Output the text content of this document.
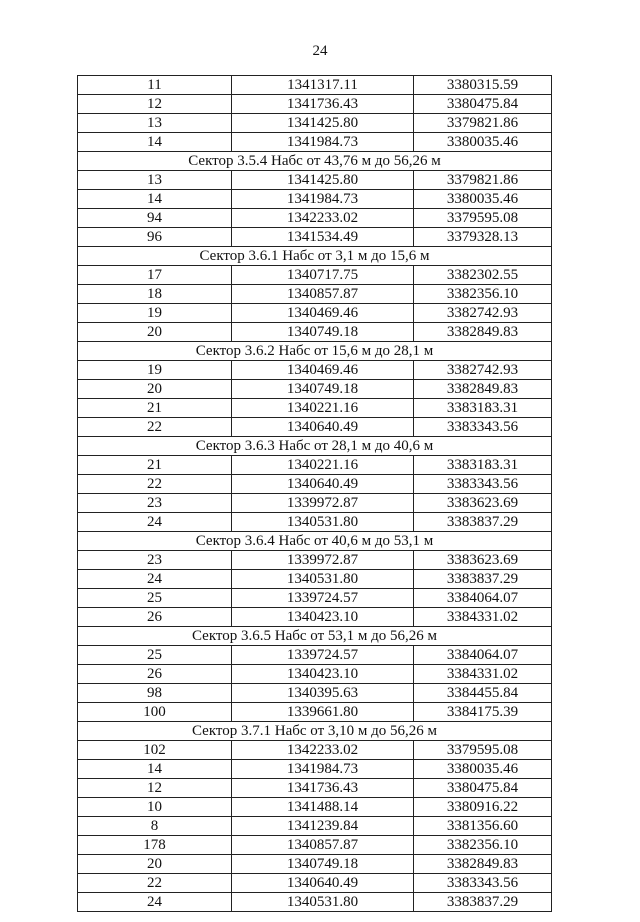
24
11	1341317.11	3380315.59
12	1341736.43	3380475.84
13	1341425.80	3379821.86
14	1341984.73	3380035.46
Сектор 3.5.4 Набс от 43,76 м до 56,26 м		
13	1341425.80	3379821.86
14	1341984.73	3380035.46
94	1342233.02	3379595.08
96	1341534.49	3379328.13
Сектор 3.6.1 Набс от 3,1 м до 15,6 м		
17	1340717.75	3382302.55
18	1340857.87	3382356.10
19	1340469.46	3382742.93
20	1340749.18	3382849.83
Сектор 3.6.2 Набс от 15,6 м до 28,1 м		
19	1340469.46	3382742.93
20	1340749.18	3382849.83
21	1340221.16	3383183.31
22	1340640.49	3383343.56
Сектор 3.6.3 Набс от 28,1 м до 40,6 м		
21	1340221.16	3383183.31
22	1340640.49	3383343.56
23	1339972.87	3383623.69
24	1340531.80	3383837.29
Сектор 3.6.4 Набс от 40,6 м до 53,1 м		
23	1339972.87	3383623.69
24	1340531.80	3383837.29
25	1339724.57	3384064.07
26	1340423.10	3384331.02
Сектор 3.6.5 Набс от 53,1 м до 56,26 м		
25	1339724.57	3384064.07
26	1340423.10	3384331.02
98	1340395.63	3384455.84
100	1339661.80	3384175.39
Сектор 3.7.1 Набс от 3,10 м до 56,26 м		
102	1342233.02	3379595.08
14	1341984.73	3380035.46
12	1341736.43	3380475.84
10	1341488.14	3380916.22
8	1341239.84	3381356.60
178	1340857.87	3382356.10
20	1340749.18	3382849.83
22	1340640.49	3383343.56
24	1340531.80	3383837.29
